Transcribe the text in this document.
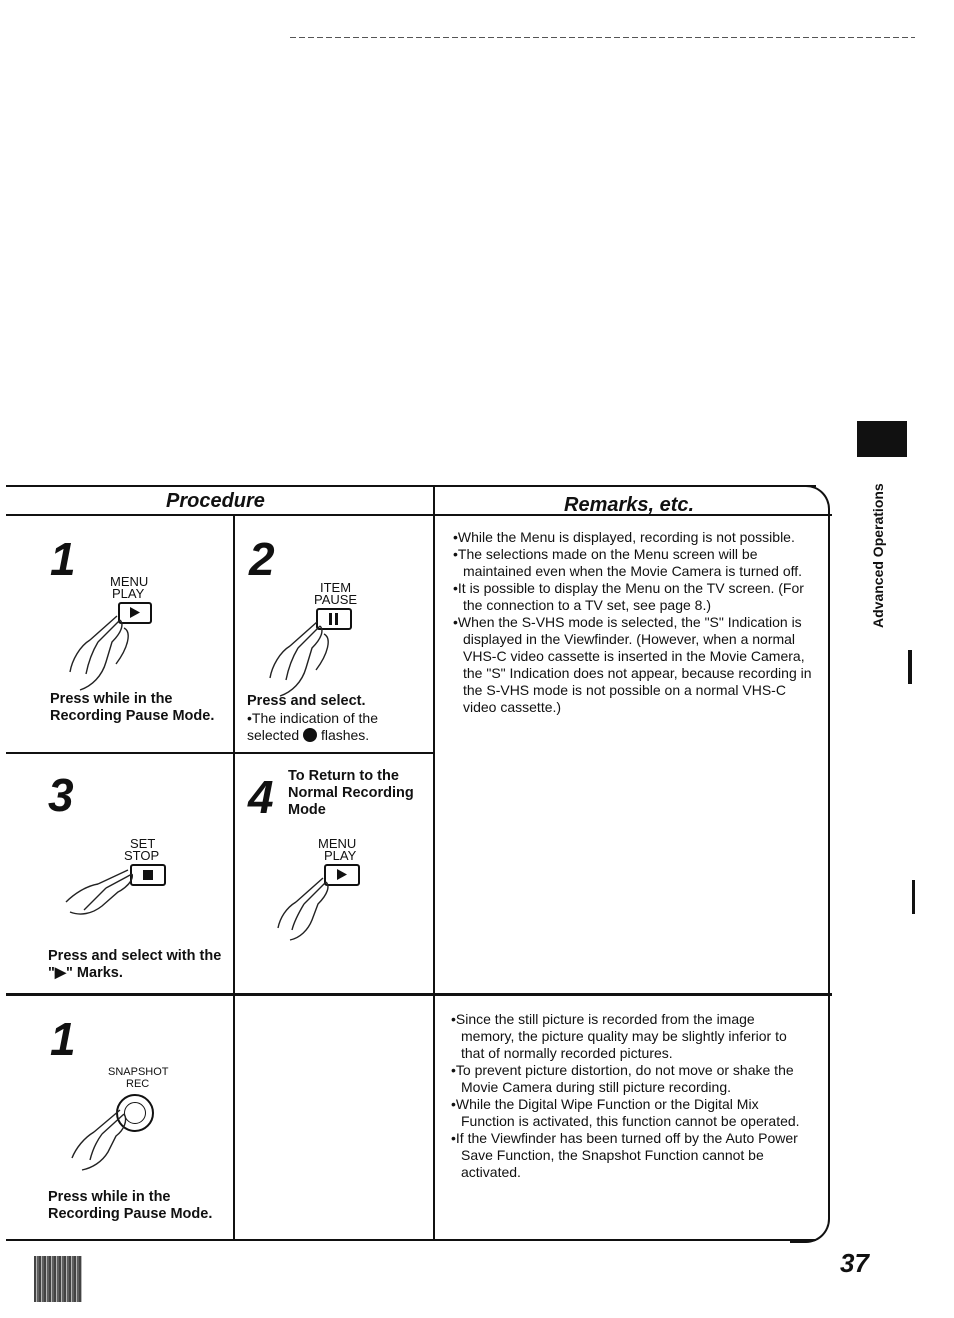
Advanced Operations
Procedure	Remarks, etc.
1	MENU
PLAY
Press while in the Recording Pause Mode.
2
ITEM
PAUSE
Press and select.
•The indication of the selected flashes.
3
SET
STOP
Press and select with the "▶" Marks.
4 To Return to the Normal Recording Mode
MENU
PLAY
1
SNAPSHOT
REC
Press while in the Recording Pause Mode.

•While the Menu is displayed, recording is not possible.

•The selections made on the Menu screen will be maintained even when the Movie Camera is turned off.

•It is possible to display the Menu on the TV screen. (For the connection to a TV set, see page 8.)

•When the S-VHS mode is selected, the "S" Indication is displayed in the Viewfinder. (However, when a normal VHS-C video cassette is inserted in the Movie Camera, the "S" Indication does not appear, because recording in the S-VHS mode is not possible on a normal VHS-C video cassette.)

•Since the still picture is recorded from the image memory, the picture quality may be slightly inferior to that of normally recorded pictures.

•To prevent picture distortion, do not move or shake the Movie Camera during still picture recording.

•While the Digital Wipe Function or the Digital Mix Function is activated, this function cannot be operated.

•If the Viewfinder has been turned off by the Auto Power Save Function, the Snapshot Function cannot be activated.

37
